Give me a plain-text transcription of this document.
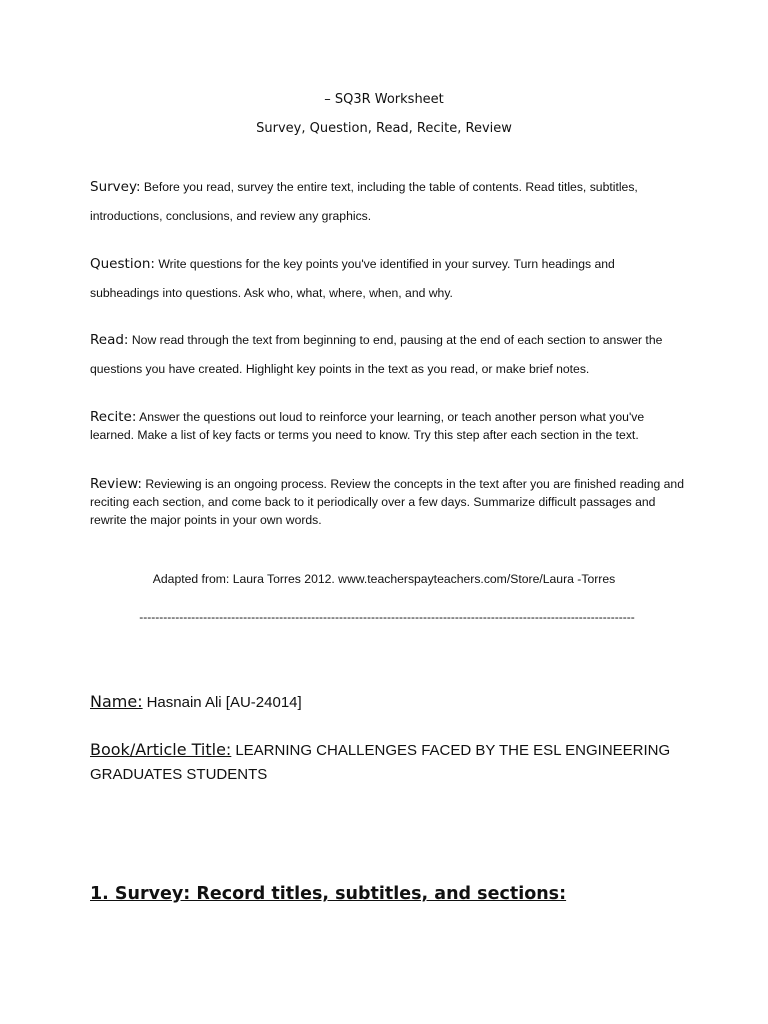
– SQ3R Worksheet
Survey, Question, Read, Recite, Review
Survey: Before you read, survey the entire text, including the table of contents. Read titles, subtitles, introductions, conclusions, and review any graphics.
Question: Write questions for the key points you've identified in your survey. Turn headings and subheadings into questions. Ask who, what, where, when, and why.
Read: Now read through the text from beginning to end, pausing at the end of each section to answer the questions you have created. Highlight key points in the text as you read, or make brief notes.
Recite: Answer the questions out loud to reinforce your learning, or teach another person what you've learned. Make a list of key facts or terms you need to know. Try this step after each section in the text.
Review: Reviewing is an ongoing process. Review the concepts in the text after you are finished reading and reciting each section, and come back to it periodically over a few days. Summarize difficult passages and rewrite the major points in your own words.
Adapted from: Laura Torres 2012. www.teacherspayteachers.com/Store/Laura -Torres
----------------------------------------------------------------------------------------------------------------------------
Name: Hasnain Ali [AU-24014]
Book/Article Title: LEARNING CHALLENGES FACED BY THE ESL ENGINEERING GRADUATES STUDENTS
1. Survey: Record titles, subtitles, and sections:
